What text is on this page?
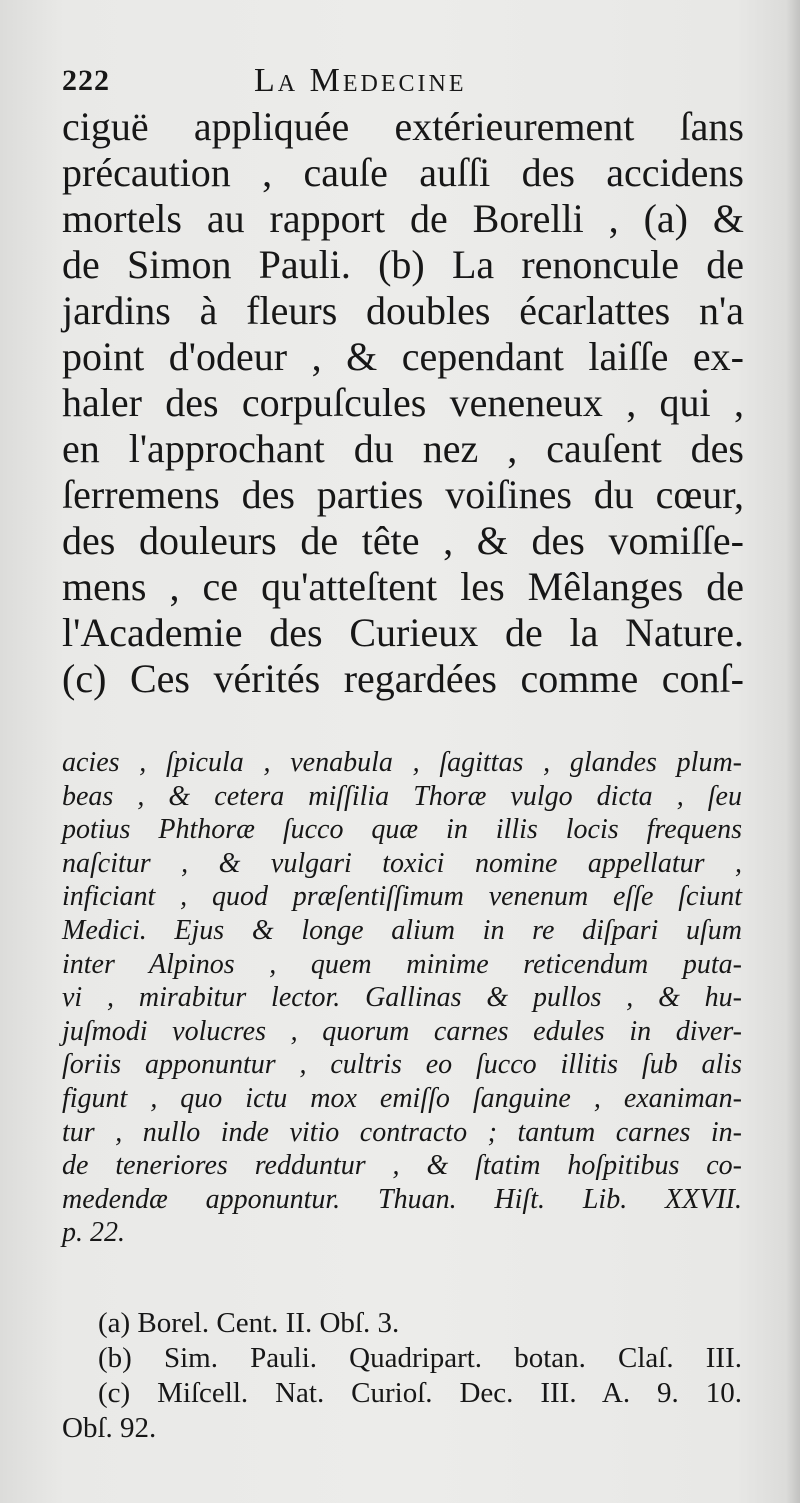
222	La Medecine
ciguë appliquée extérieurement ſans
précaution , cauſe auſſi des accidens
mortels au rapport de Borelli , (a) &
de Simon Pauli. (b) La renoncule de
jardins à fleurs doubles écarlattes n'a
point d'odeur , & cependant laiſſe ex-
haler des corpuſcules veneneux , qui ,
en l'approchant du nez , cauſent des
ſerremens des parties voiſines du cœur,
des douleurs de tête , & des vomiſſe-
mens , ce qu'atteſtent les Mêlanges de
l'Academie des Curieux de la Nature.
(c) Ces vérités regardées comme conſ-
acies , ſpicula , venabula , ſagittas , glandes plum-
beas , & cetera miſſilia Thoræ vulgo dicta , ſeu
potius Phthoræ ſucco quæ in illis locis frequens
naſcitur , & vulgari toxici nomine appellatur ,
inficiant , quod præſentiſſimum venenum eſſe ſciunt
Medici. Ejus & longe alium in re diſpari uſum
inter Alpinos , quem minime reticendum puta-
vi , mirabitur lector. Gallinas & pullos , & hu-
juſmodi volucres , quorum carnes edules in diver-
ſoriis apponuntur , cultris eo ſucco illitis ſub alis
figunt , quo ictu mox emiſſo ſanguine , exaniman-
tur , nullo inde vitio contracto ; tantum carnes in-
de teneriores redduntur , & ſtatim hoſpitibus co-
medendæ apponuntur. Thuan. Hiſt. Lib. XXVII.
p. 22.
(a) Borel. Cent. II. Obſ. 3.
(b) Sim. Pauli. Quadripart. botan. Claſ. III.
(c) Miſcell. Nat. Curioſ. Dec. III. A. 9. 10.
Obſ. 92.
